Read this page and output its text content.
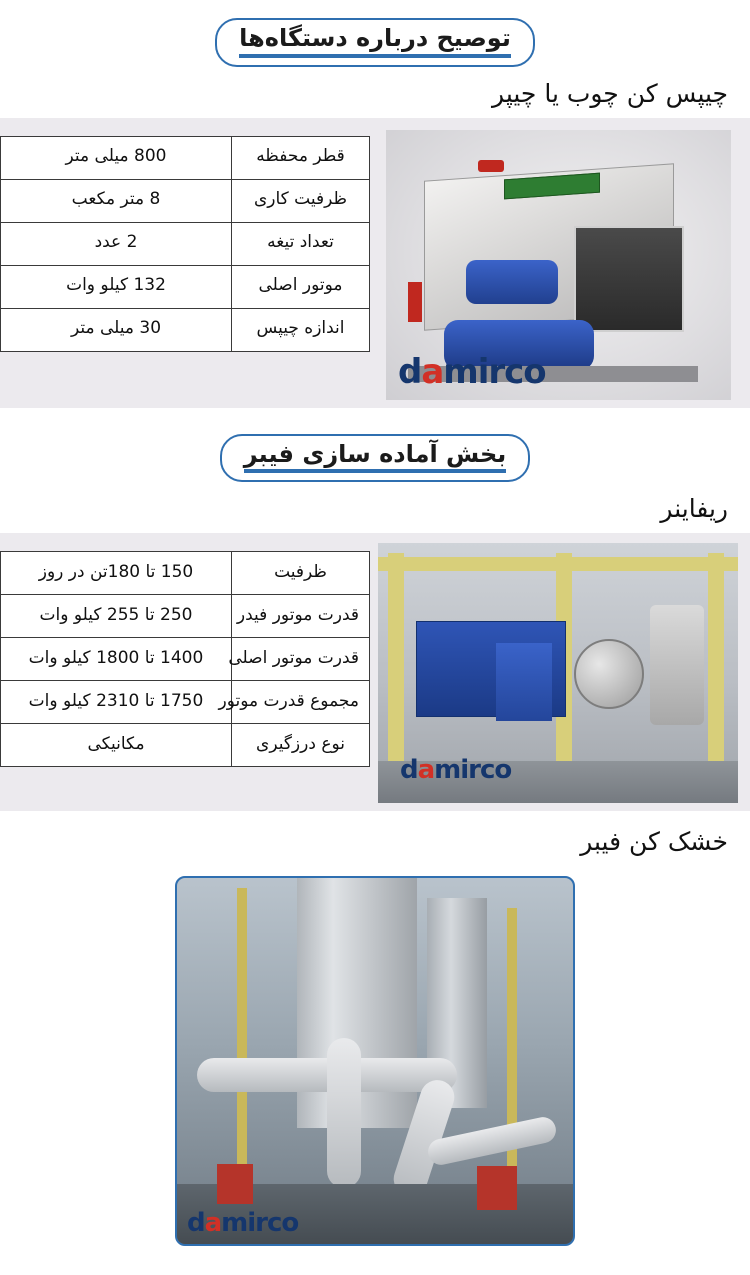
توصیح درباره دستگاه‌ها
چیپس کن چوب یا چیپر
قطر محفظه	800 میلی متر
ظرفیت کاری	8 متر مکعب
تعداد تیغه	2 عدد
موتور اصلی	132 کیلو وات
اندازه چیپس	30 میلی متر
damirco
بخش آماده سازی فیبر
ریفاینر
ظرفیت	150 تا 180تن در روز
قدرت موتور فیدر	250 تا 255 کیلو وات
قدرت موتور اصلی	1400 تا 1800 کیلو وات
مجموع قدرت موتور	1750 تا 2310 کیلو وات
نوع درزگیری	مکانیکی
damirco
خشک کن فیبر
damirco
